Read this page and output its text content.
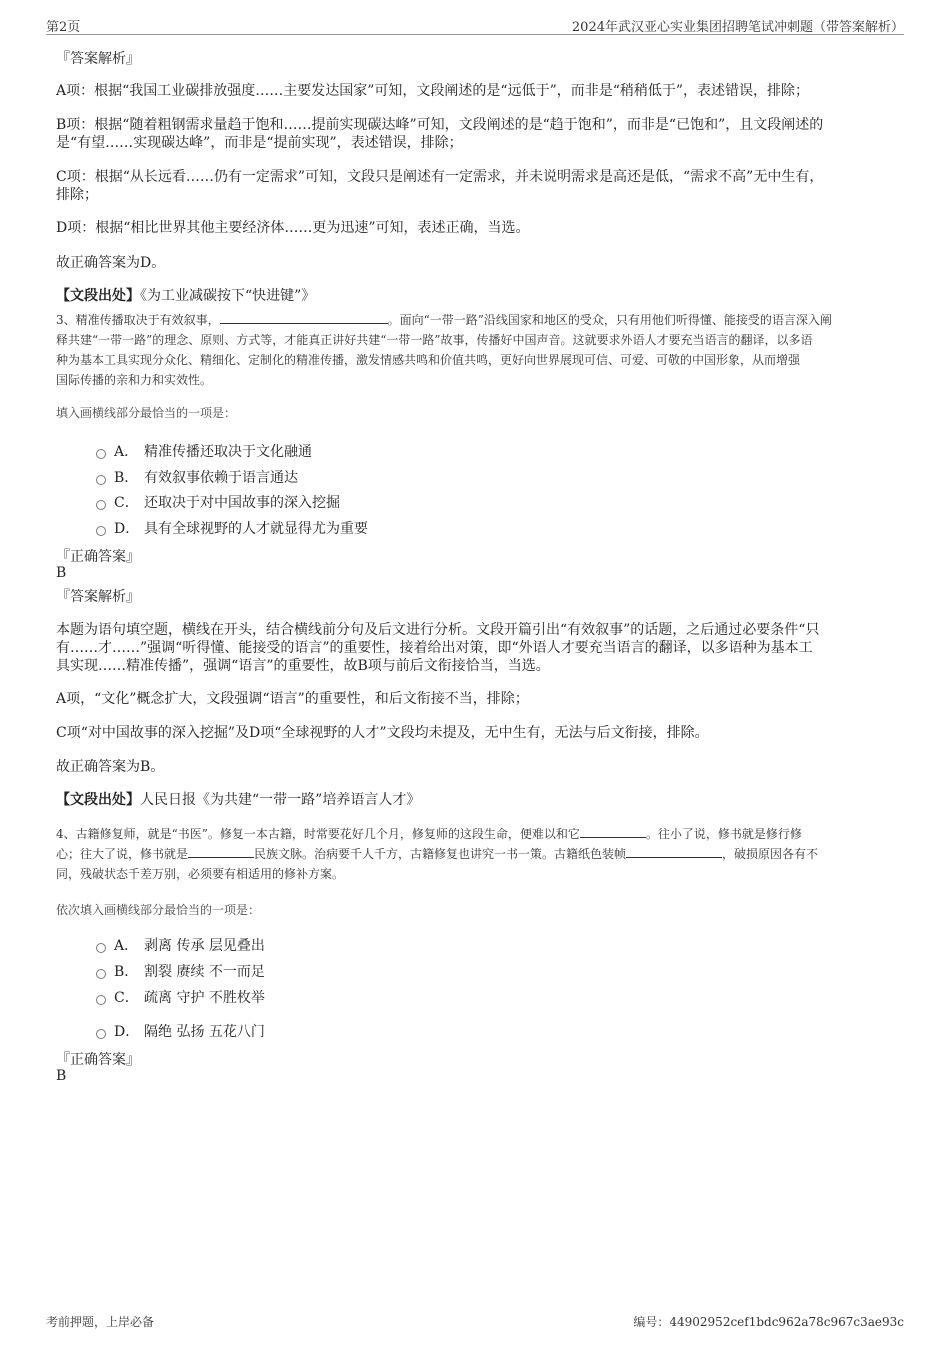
第2页	2024年武汉亚心实业集团招聘笔试冲刺题（带答案解析）
『答案解析』
A项：根据“我国工业碳排放强度……主要发达国家”可知，文段阐述的是“远低于”，而非是“稍稍低于”，表述错误，排除；
B项：根据“随着粗钢需求量趋于饱和……提前实现碳达峰”可知，文段阐述的是“趋于饱和”，而非是“已饱和”，且文段阐述的
是“有望……实现碳达峰”，而非是“提前实现”，表述错误，排除；
C项：根据“从长远看……仍有一定需求”可知，文段只是阐述有一定需求，并未说明需求是高还是低，“需求不高”无中生有，
排除；
D项：根据“相比世界其他主要经济体……更为迅速”可知，表述正确，当选。
故正确答案为D。
【文段出处】《为工业减碳按下“快进键”》
3、精准传播取决于有效叙事，	。面向“一带一路”沿线国家和地区的受众，只有用他们听得懂、能接受的语言深入阐
释共建“一带一路”的理念、原则、方式等，才能真正讲好共建“一带一路”故事，传播好中国声音。这就要求外语人才要充当语言的翻译，以多语
种为基本工具实现分众化、精细化、定制化的精准传播，激发情感共鸣和价值共鸣，更好向世界展现可信、可爱、可敬的中国形象，从而增强
国际传播的亲和力和实效性。
填入画横线部分最恰当的一项是：
A． 精准传播还取决于文化融通
B． 有效叙事依赖于语言通达
C． 还取决于对中国故事的深入挖掘
D． 具有全球视野的人才就显得尤为重要
『正确答案』
B
『答案解析』
本题为语句填空题，横线在开头，结合横线前分句及后文进行分析。文段开篇引出“有效叙事”的话题，之后通过必要条件“只
有……才……”强调“听得懂、能接受的语言”的重要性，接着给出对策，即“外语人才要充当语言的翻译，以多语种为基本工
具实现……精准传播”，强调“语言”的重要性，故B项与前后文衔接恰当，当选。
A项，“文化”概念扩大，文段强调“语言”的重要性，和后文衔接不当，排除；
C项“对中国故事的深入挖掘”及D项“全球视野的人才”文段均未提及，无中生有，无法与后文衔接，排除。
故正确答案为B。
【文段出处】人民日报《为共建“一带一路”培养语言人才》
4、古籍修复师，就是“书医”。修复一本古籍，时常要花好几个月，修复师的这段生命，便难以和它	。往小了说，修书就是修行修
心；往大了说，修书就是	民族文脉。治病要千人千方，古籍修复也讲究一书一策。古籍纸色装帧	，破损原因各有不
同，残破状态千差万别，必须要有相适用的修补方案。
依次填入画横线部分最恰当的一项是：
A． 剥离 传承 层见叠出
B． 割裂 赓续 不一而足
C． 疏离 守护 不胜枚举
D． 隔绝 弘扬 五花八门
『正确答案』
B
考前押题，上岸必备	编号：44902952cef1bdc962a78c967c3ae93c
